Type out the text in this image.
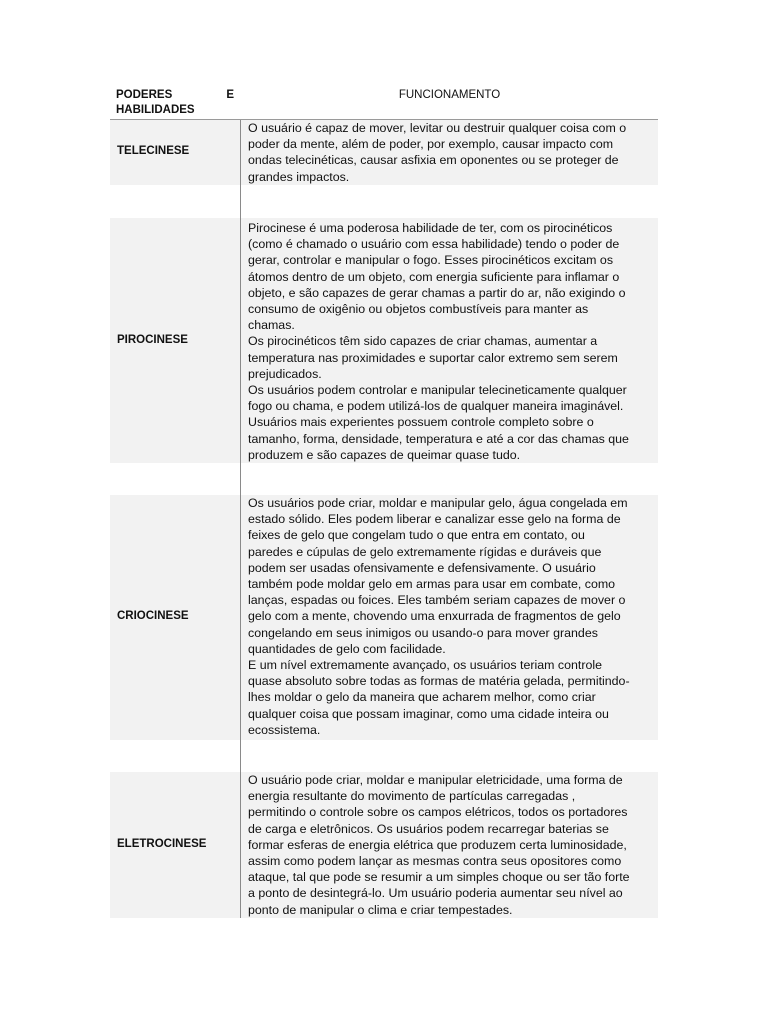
PODERES	E
HABILIDADES
FUNCIONAMENTO
TELECINESE
O usuário é capaz de mover, levitar ou destruir qualquer coisa com o
poder da mente, além de poder, por exemplo, causar impacto com
ondas telecinéticas, causar asfixia em oponentes ou se proteger de
grandes impactos.
PIROCINESE
Pirocinese é uma poderosa habilidade de ter, com os pirocinéticos
(como é chamado o usuário com essa habilidade) tendo o poder de
gerar, controlar e manipular o fogo. Esses pirocinéticos excitam os
átomos dentro de um objeto, com energia suficiente para inflamar o
objeto, e são capazes de gerar chamas a partir do ar, não exigindo o
consumo de oxigênio ou objetos combustíveis para manter as
chamas.
Os pirocinéticos têm sido capazes de criar chamas, aumentar a
temperatura nas proximidades e suportar calor extremo sem serem
prejudicados.
Os usuários podem controlar e manipular telecineticamente qualquer
fogo ou chama, e podem utilizá-los de qualquer maneira imaginável.
Usuários mais experientes possuem controle completo sobre o
tamanho, forma, densidade, temperatura e até a cor das chamas que
produzem e são capazes de queimar quase tudo.
CRIOCINESE
Os usuários pode criar, moldar e manipular gelo, água congelada em
estado sólido. Eles podem liberar e canalizar esse gelo na forma de
feixes de gelo que congelam tudo o que entra em contato, ou
paredes e cúpulas de gelo extremamente rígidas e duráveis que
podem ser usadas ofensivamente e defensivamente. O usuário
também pode moldar gelo em armas para usar em combate, como
lanças, espadas ou foices. Eles também seriam capazes de mover o
gelo com a mente, chovendo uma enxurrada de fragmentos de gelo
congelando em seus inimigos ou usando-o para mover grandes
quantidades de gelo com facilidade.
E um nível extremamente avançado, os usuários teriam controle
quase absoluto sobre todas as formas de matéria gelada, permitindo-
lhes moldar o gelo da maneira que acharem melhor, como criar
qualquer coisa que possam imaginar, como uma cidade inteira ou
ecossistema.
ELETROCINESE
O usuário pode criar, moldar e manipular eletricidade, uma forma de
energia resultante do movimento de partículas carregadas ,
permitindo o controle sobre os campos elétricos, todos os portadores
de carga e eletrônicos. Os usuários podem recarregar baterias se
formar esferas de energia elétrica que produzem certa luminosidade,
assim como podem lançar as mesmas contra seus opositores como
ataque, tal que pode se resumir a um simples choque ou ser tão forte
a ponto de desintegrá-lo. Um usuário poderia aumentar seu nível ao
ponto de manipular o clima e criar tempestades.
